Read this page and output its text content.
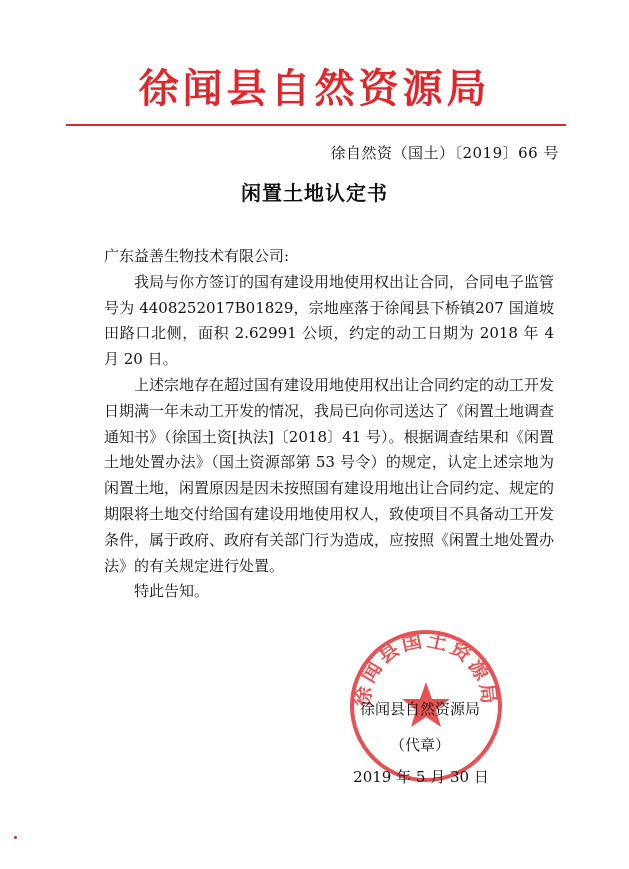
徐闻县自然资源局
徐自然资（国土）〔2019〕66 号
闲置土地认定书

广东益善生物技术有限公司:

我局与你方签订的国有建设用地使用权出让合同，合同电子监管号为 4408252017B01829，宗地座落于徐闻县下桥镇207 国道坡田路口北侧，面积 2.62991 公顷，约定的动工日期为 2018 年 4 月 20 日。

上述宗地存在超过国有建设用地使用权出让合同约定的动工开发日期满一年未动工开发的情况，我局已向你司送达了《闲置土地调查通知书》（徐国土资[执法]〔2018〕41 号）。根据调查结果和《闲置土地处置办法》（国土资源部第 53 号令）的规定，认定上述宗地为闲置土地，闲置原因是因未按照国有建设用地出让合同约定、规定的期限将土地交付给国有建设用地使用权人，致使项目不具备动工开发条件，属于政府、政府有关部门行为造成，应按照《闲置土地处置办法》的有关规定进行处置。

特此告知。

徐闻县国土资源局
徐闻县自然资源局
（代章）
2019 年 5 月 30 日
